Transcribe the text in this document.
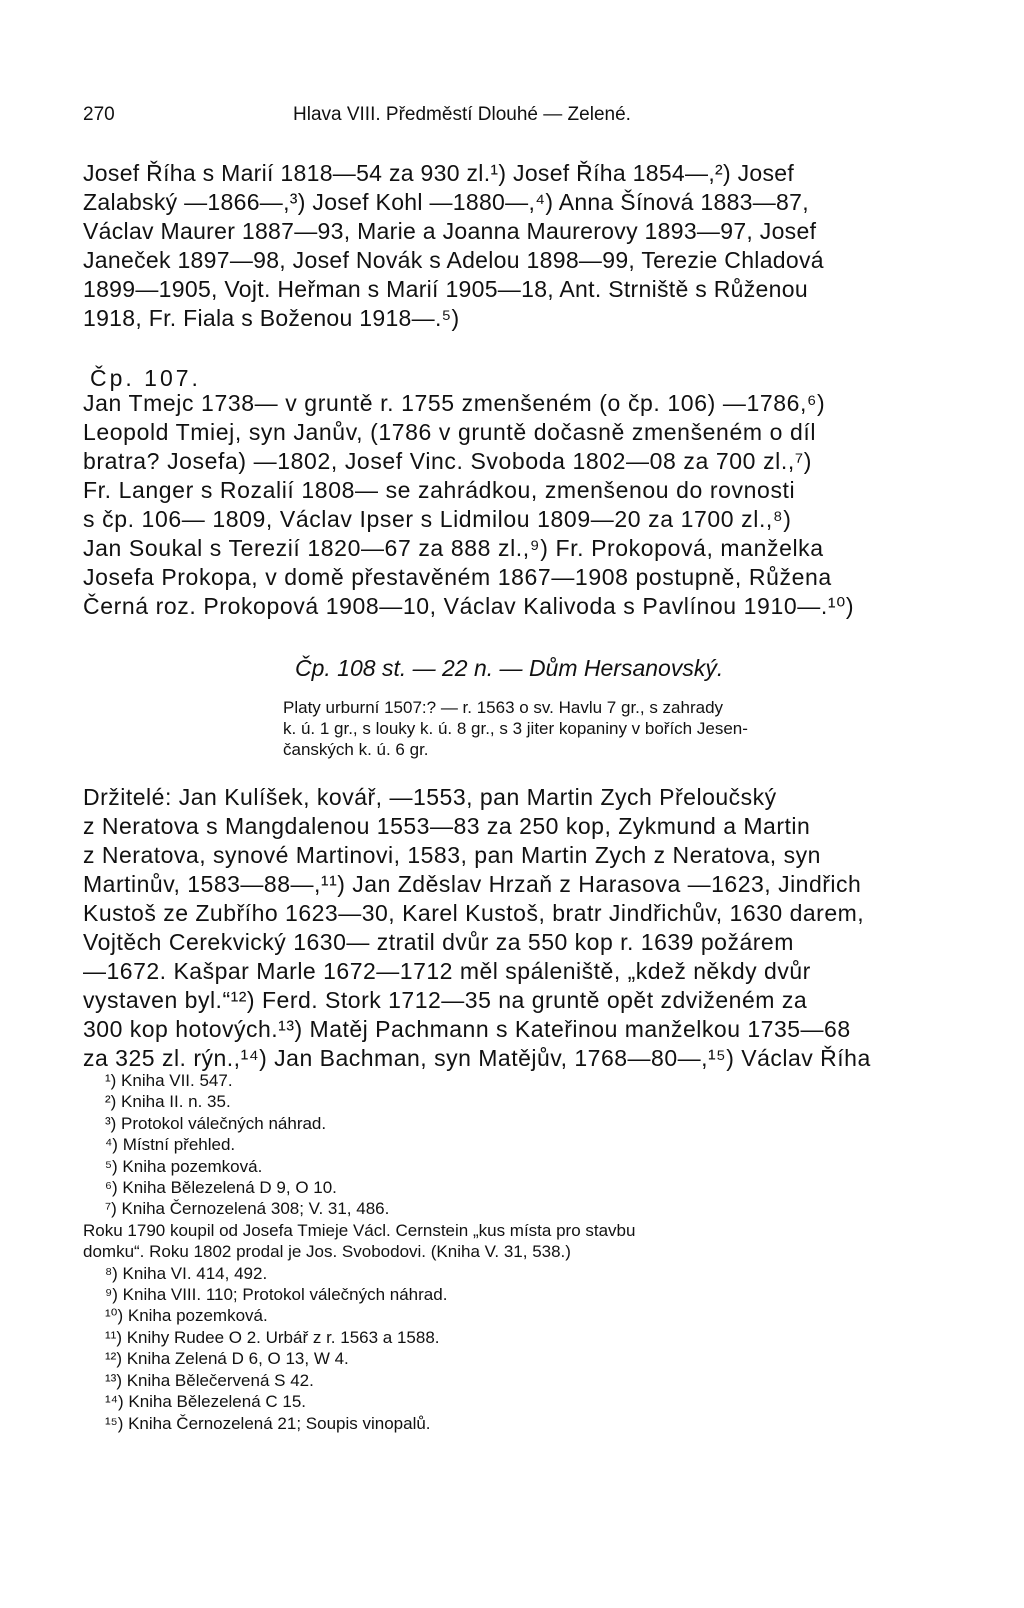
270	Hlava VIII. Předměstí Dlouhé — Zelené.
Josef Říha s Marií 1818—54 za 930 zl.¹) Josef Říha 1854—,²) Josef
Zalabský —1866—,³) Josef Kohl —1880—,⁴) Anna Šínová 1883—87,
Václav Maurer 1887—93, Marie a Joanna Maurerovy 1893—97, Josef
Janeček 1897—98, Josef Novák s Adelou 1898—99, Terezie Chladová
1899—1905, Vojt. Heřman s Marií 1905—18, Ant. Strniště s Růženou
1918, Fr. Fiala s Boženou 1918—.⁵)
Čp. 107.
Jan Tmejc 1738— v gruntě r. 1755 zmenšeném (o čp. 106) —1786,⁶)
Leopold Tmiej, syn Janův, (1786 v gruntě dočasně zmenšeném o díl
bratra? Josefa) —1802, Josef Vinc. Svoboda 1802—08 za 700 zl.,⁷)
Fr. Langer s Rozalií 1808— se zahrádkou, zmenšenou do rovnosti
s čp. 106— 1809, Václav Ipser s Lidmilou 1809—20 za 1700 zl.,⁸)
Jan Soukal s Terezií 1820—67 za 888 zl.,⁹) Fr. Prokopová, manželka
Josefa Prokopa, v domě přestavěném 1867—1908 postupně, Růžena
Černá roz. Prokopová 1908—10, Václav Kalivoda s Pavlínou 1910—.¹⁰)
Čp. 108 st. — 22 n. — Dům Hersanovský.
Platy urburní 1507:? — r. 1563 o sv. Havlu 7 gr., s zahrady
k. ú. 1 gr., s louky k. ú. 8 gr., s 3 jiter kopaniny v bořích Jesen-
čanských k. ú. 6 gr.
Držitelé: Jan Kulíšek, kovář, —1553, pan Martin Zych Přeloučský
z Neratova s Mangdalenou 1553—83 za 250 kop, Zykmund a Martin
z Neratova, synové Martinovi, 1583, pan Martin Zych z Neratova, syn
Martinův, 1583—88—,¹¹) Jan Zděslav Hrzaň z Harasova —1623, Jindřich
Kustoš ze Zubřího 1623—30, Karel Kustoš, bratr Jindřichův, 1630 darem,
Vojtěch Cerekvický 1630— ztratil dvůr za 550 kop r. 1639 požárem
—1672. Kašpar Marle 1672—1712 měl spáleniště, „kdež někdy dvůr
vystaven byl.“¹²) Ferd. Stork 1712—35 na gruntě opět zdviženém za
300 kop hotových.¹³) Matěj Pachmann s Kateřinou manželkou 1735—68
za 325 zl. rýn.,¹⁴) Jan Bachman, syn Matějův, 1768—80—,¹⁵) Václav Říha
¹) Kniha VII. 547.
²) Kniha II. n. 35.
³) Protokol válečných náhrad.
⁴) Místní přehled.
⁵) Kniha pozemková.
⁶) Kniha Bělezelená D 9, O 10.
⁷) Kniha Černozelená 308; V. 31, 486.
Roku 1790 koupil od Josefa Tmieje Václ. Cernstein „kus místa pro stavbu
domku“. Roku 1802 prodal je Jos. Svobodovi. (Kniha V. 31, 538.)
⁸) Kniha VI. 414, 492.
⁹) Kniha VIII. 110; Protokol válečných náhrad.
¹⁰) Kniha pozemková.
¹¹) Knihy Rudee O 2. Urbář z r. 1563 a 1588.
¹²) Kniha Zelená D 6, O 13, W 4.
¹³) Kniha Bělečervená S 42.
¹⁴) Kniha Bělezelená C 15.
¹⁵) Kniha Černozelená 21; Soupis vinopalů.
